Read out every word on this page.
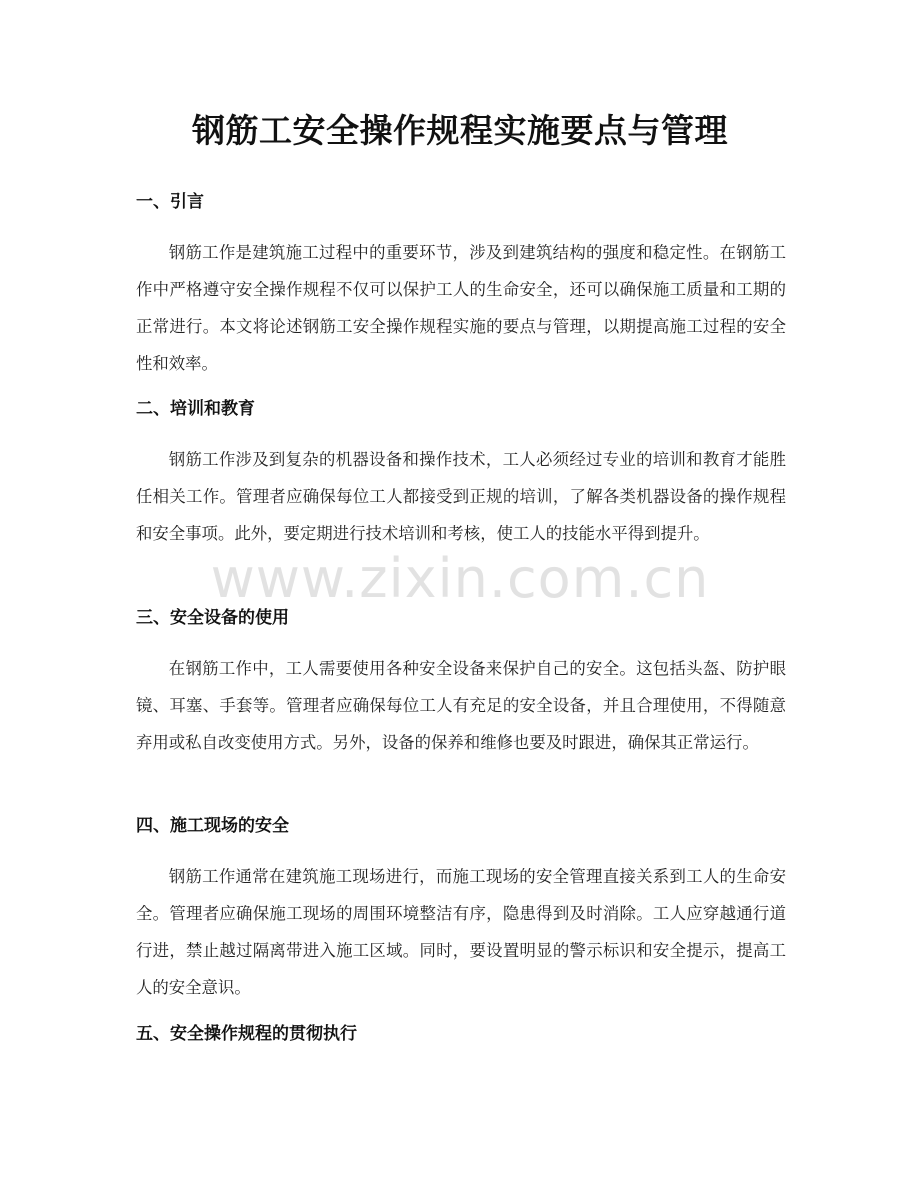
www.zixin.com.cn
钢筋工安全操作规程实施要点与管理
一、引言

钢筋工作是建筑施工过程中的重要环节，涉及到建筑结构的强度和稳定性。在钢筋工作中严格遵守安全操作规程不仅可以保护工人的生命安全，还可以确保施工质量和工期的正常进行。本文将论述钢筋工安全操作规程实施的要点与管理，以期提高施工过程的安全性和效率。

二、培训和教育

钢筋工作涉及到复杂的机器设备和操作技术，工人必须经过专业的培训和教育才能胜任相关工作。管理者应确保每位工人都接受到正规的培训，了解各类机器设备的操作规程和安全事项。此外，要定期进行技术培训和考核，使工人的技能水平得到提升。

三、安全设备的使用

在钢筋工作中，工人需要使用各种安全设备来保护自己的安全。这包括头盔、防护眼镜、耳塞、手套等。管理者应确保每位工人有充足的安全设备，并且合理使用，不得随意弃用或私自改变使用方式。另外，设备的保养和维修也要及时跟进，确保其正常运行。

四、施工现场的安全

钢筋工作通常在建筑施工现场进行，而施工现场的安全管理直接关系到工人的生命安全。管理者应确保施工现场的周围环境整洁有序，隐患得到及时消除。工人应穿越通行道行进，禁止越过隔离带进入施工区域。同时，要设置明显的警示标识和安全提示，提高工人的安全意识。

五、安全操作规程的贯彻执行
